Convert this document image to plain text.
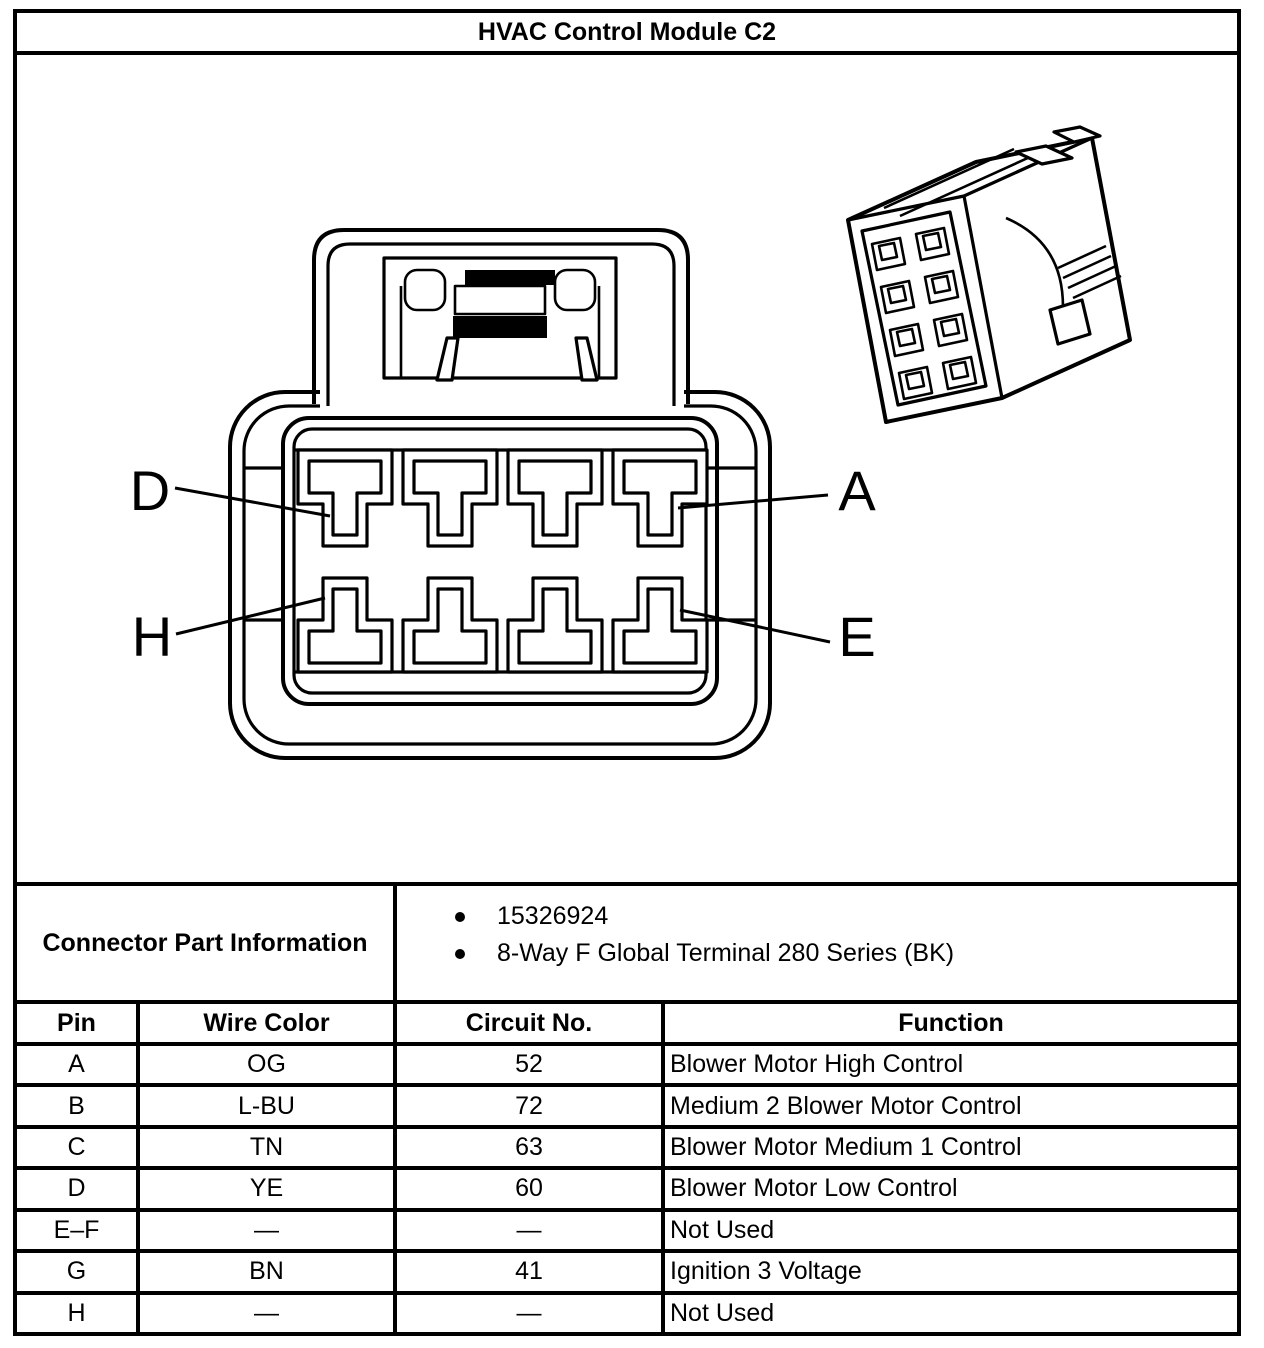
HVAC Control Module C2
D	A
H	E
Connector Part Information
15326924
8-Way F Global Terminal 280 Series (BK)
Pin	Wire Color	Circuit No.	Function
A	OG	52	Blower Motor High Control
B	L-BU	72	Medium 2 Blower Motor Control
C	TN	63	Blower Motor Medium 1 Control
D	YE	60	Blower Motor Low Control
E–F	—	—	Not Used
G	BN	41	Ignition 3 Voltage
H	—	—	Not Used
